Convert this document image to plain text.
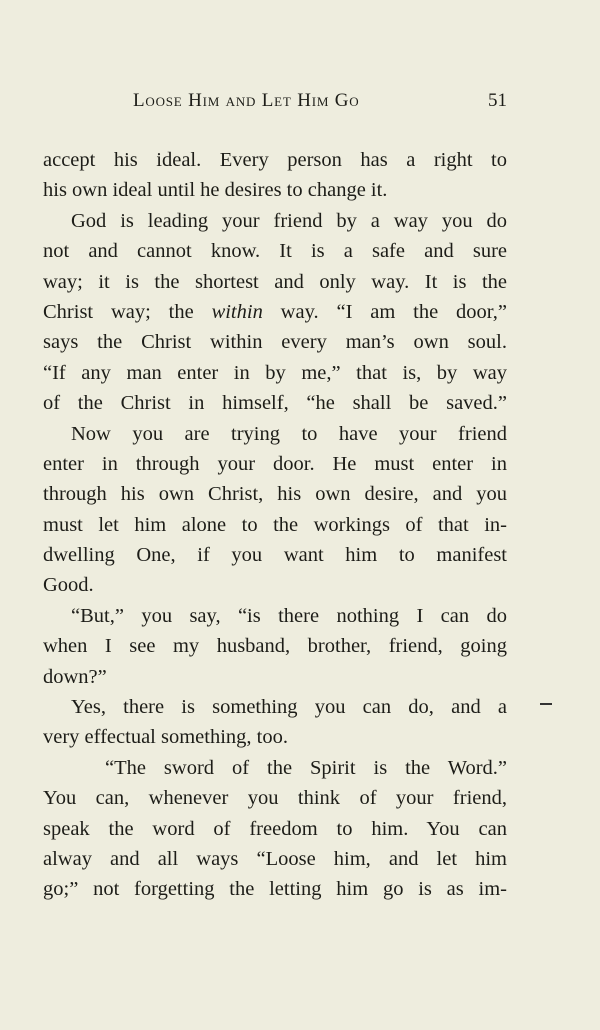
Loose Him and Let Him Go	51
accept his ideal. Every person has a right to
his own ideal until he desires to change it.
God is leading your friend by a way you do
not and cannot know. It is a safe and sure
way; it is the shortest and only way. It is the
Christ way; the within way. “I am the door,”
says the Christ within every man’s own soul.
“If any man enter in by me,” that is, by way
of the Christ in himself, “he shall be saved.”
Now you are trying to have your friend
enter in through your door. He must enter in
through his own Christ, his own desire, and you
must let him alone to the workings of that in-
dwelling One, if you want him to manifest
Good.
“But,” you say, “is there nothing I can do
when I see my husband, brother, friend, going
down?”
Yes, there is something you can do, and a
very effectual something, too.
“The sword of the Spirit is the Word.”
You can, whenever you think of your friend,
speak the word of freedom to him. You can
alway and all ways “Loose him, and let him
go;” not forgetting the letting him go is as im-
